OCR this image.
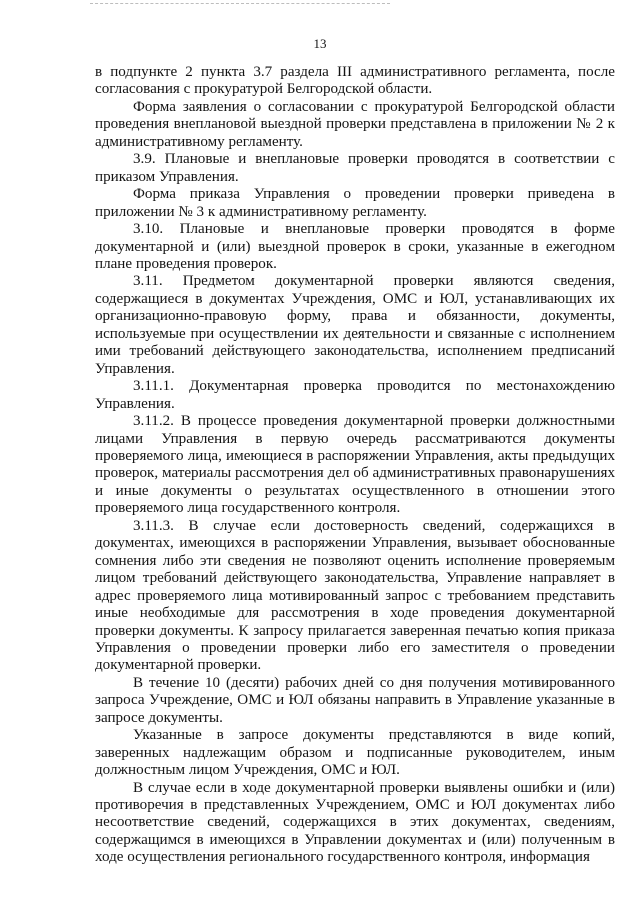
13

в подпункте 2 пункта 3.7 раздела III административного регламента, после согласования с прокуратурой Белгородской области.

Форма заявления о согласовании с прокуратурой Белгородской области проведения внеплановой выездной проверки представлена в приложении № 2 к административному регламенту.

3.9. Плановые и внеплановые проверки проводятся в соответствии с приказом Управления.

Форма приказа Управления о проведении проверки приведена в приложении № 3 к административному регламенту.

3.10. Плановые и внеплановые проверки проводятся в форме документарной и (или) выездной проверок в сроки, указанные в ежегодном плане проведения проверок.

3.11. Предметом документарной проверки являются сведения, содержащиеся в документах Учреждения, ОМС и ЮЛ, устанавливающих их организационно-правовую форму, права и обязанности, документы, используемые при осуществлении их деятельности и связанные с исполнением ими требований действующего законодательства, исполнением предписаний Управления.

3.11.1. Документарная проверка проводится по местонахождению Управления.

3.11.2. В процессе проведения документарной проверки должностными лицами Управления в первую очередь рассматриваются документы проверяемого лица, имеющиеся в распоряжении Управления, акты предыдущих проверок, материалы рассмотрения дел об административных правонарушениях и иные документы о результатах осуществленного в отношении этого проверяемого лица государственного контроля.

3.11.3. В случае если достоверность сведений, содержащихся в документах, имеющихся в распоряжении Управления, вызывает обоснованные сомнения либо эти сведения не позволяют оценить исполнение проверяемым лицом требований действующего законодательства, Управление направляет в адрес проверяемого лица мотивированный запрос с требованием представить иные необходимые для рассмотрения в ходе проведения документарной проверки документы. К запросу прилагается заверенная печатью копия приказа Управления о проведении проверки либо его заместителя о проведении документарной проверки.

В течение 10 (десяти) рабочих дней со дня получения мотивированного запроса Учреждение, ОМС и ЮЛ обязаны направить в Управление указанные в запросе документы.

Указанные в запросе документы представляются в виде копий, заверенных надлежащим образом и подписанные руководителем, иным должностным лицом Учреждения, ОМС и ЮЛ.

В случае если в ходе документарной проверки выявлены ошибки и (или) противоречия в представленных Учреждением, ОМС и ЮЛ документах либо несоответствие сведений, содержащихся в этих документах, сведениям, содержащимся в имеющихся в Управлении документах и (или) полученным в ходе осуществления регионального государственного контроля, информация
